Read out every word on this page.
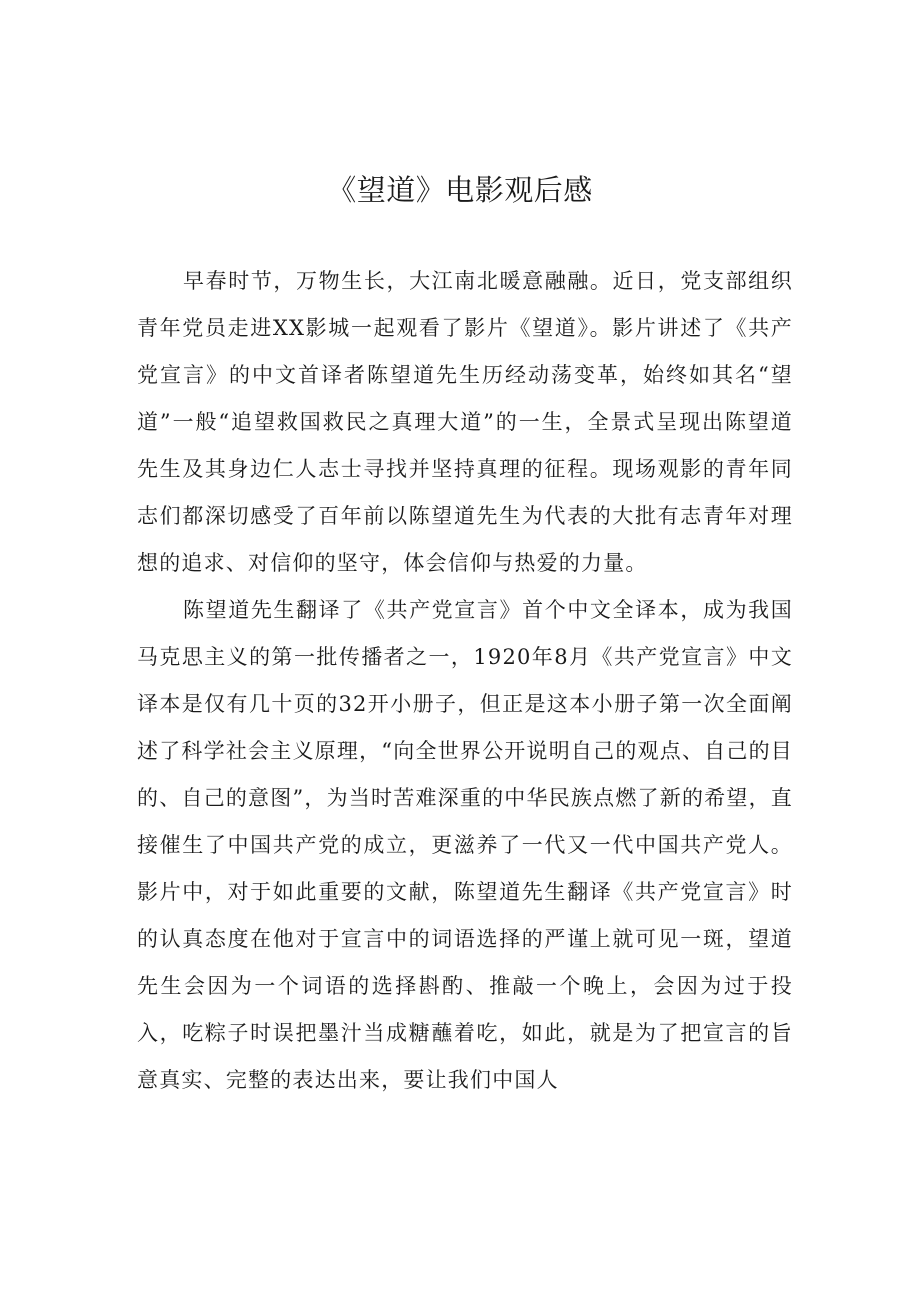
《望道》电影观后感

早春时节，万物生长，大江南北暖意融融。近日，党支部组织青年党员走进XX影城一起观看了影片《望道》。影片讲述了《共产党宣言》的中文首译者陈望道先生历经动荡变革，始终如其名“望道”一般“追望救国救民之真理大道”的一生，全景式呈现出陈望道先生及其身边仁人志士寻找并坚持真理的征程。现场观影的青年同志们都深切感受了百年前以陈望道先生为代表的大批有志青年对理想的追求、对信仰的坚守，体会信仰与热爱的力量。

陈望道先生翻译了《共产党宣言》首个中文全译本，成为我国马克思主义的第一批传播者之一，1920年8月《共产党宣言》中文译本是仅有几十页的32开小册子，但正是这本小册子第一次全面阐述了科学社会主义原理，“向全世界公开说明自己的观点、自己的目的、自己的意图”，为当时苦难深重的中华民族点燃了新的希望，直接催生了中国共产党的成立，更滋养了一代又一代中国共产党人。影片中，对于如此重要的文献，陈望道先生翻译《共产党宣言》时的认真态度在他对于宣言中的词语选择的严谨上就可见一斑，望道先生会因为一个词语的选择斟酌、推敲一个晚上，会因为过于投入，吃粽子时误把墨汁当成糖蘸着吃，如此，就是为了把宣言的旨意真实、完整的表达出来，要让我们中国人
